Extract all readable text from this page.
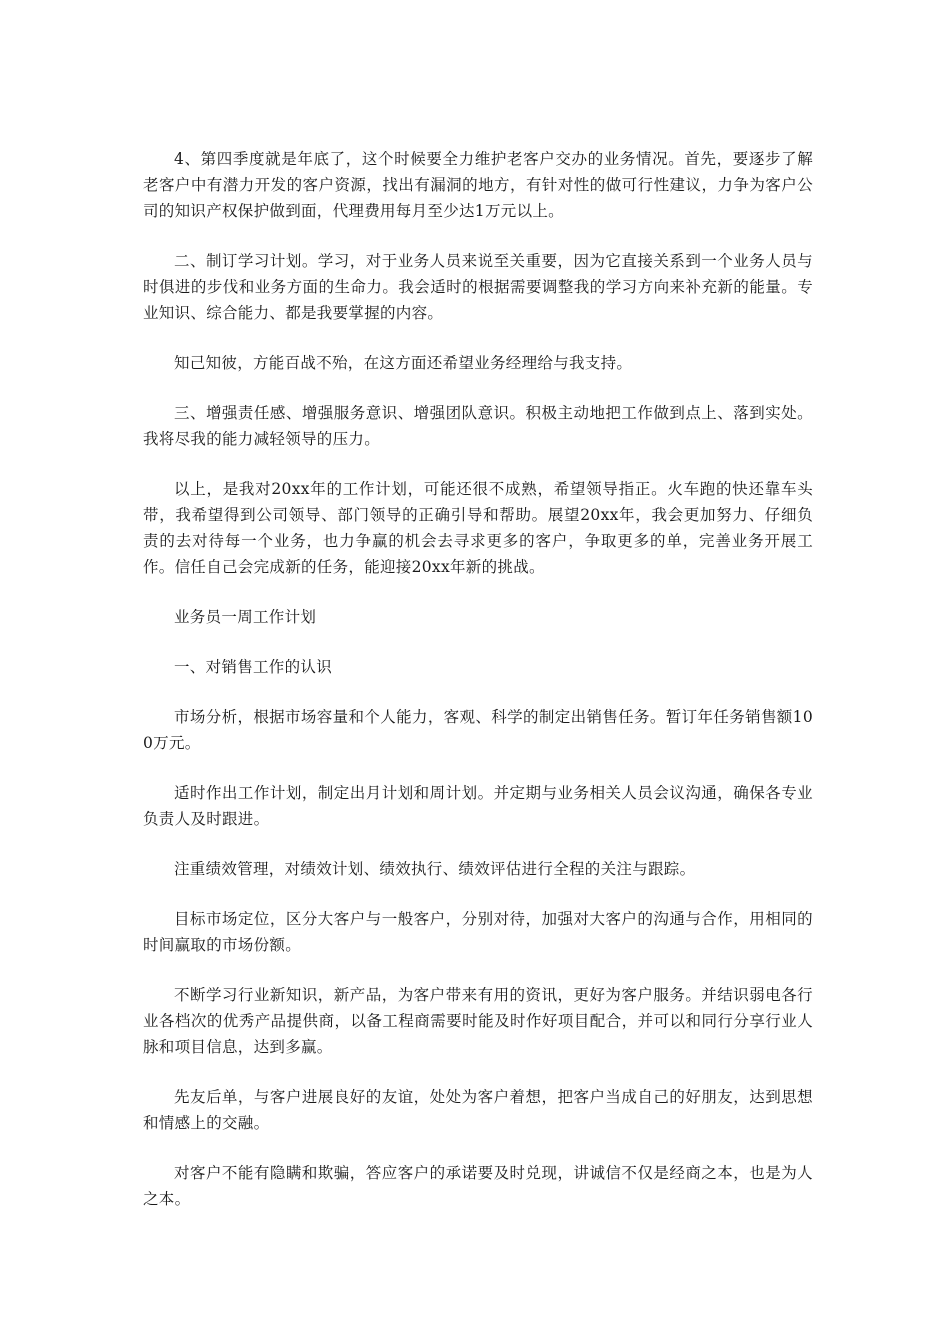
4、第四季度就是年底了，这个时候要全力维护老客户交办的业务情况。首先，要逐步了解老客户中有潜力开发的客户资源，找出有漏洞的地方，有针对性的做可行性建议，力争为客户公司的知识产权保护做到面，代理费用每月至少达1万元以上。

二、制订学习计划。学习，对于业务人员来说至关重要，因为它直接关系到一个业务人员与时俱进的步伐和业务方面的生命力。我会适时的根据需要调整我的学习方向来补充新的能量。专业知识、综合能力、都是我要掌握的内容。

知己知彼，方能百战不殆，在这方面还希望业务经理给与我支持。

三、增强责任感、增强服务意识、增强团队意识。积极主动地把工作做到点上、落到实处。我将尽我的能力减轻领导的压力。

以上，是我对20xx年的工作计划，可能还很不成熟，希望领导指正。火车跑的快还靠车头带，我希望得到公司领导、部门领导的正确引导和帮助。展望20xx年，我会更加努力、仔细负责的去对待每一个业务，也力争赢的机会去寻求更多的客户，争取更多的单，完善业务开展工作。信任自己会完成新的任务，能迎接20xx年新的挑战。

业务员一周工作计划

一、对销售工作的认识

市场分析，根据市场容量和个人能力，客观、科学的制定出销售任务。暂订年任务销售额100万元。

适时作出工作计划，制定出月计划和周计划。并定期与业务相关人员会议沟通，确保各专业负责人及时跟进。

注重绩效管理，对绩效计划、绩效执行、绩效评估进行全程的关注与跟踪。

目标市场定位，区分大客户与一般客户，分别对待，加强对大客户的沟通与合作，用相同的时间赢取的市场份额。

不断学习行业新知识，新产品，为客户带来有用的资讯，更好为客户服务。并结识弱电各行业各档次的优秀产品提供商，以备工程商需要时能及时作好项目配合，并可以和同行分享行业人脉和项目信息，达到多赢。

先友后单，与客户进展良好的友谊，处处为客户着想，把客户当成自己的好朋友，达到思想和情感上的交融。

对客户不能有隐瞒和欺骗，答应客户的承诺要及时兑现，讲诚信不仅是经商之本，也是为人之本。
